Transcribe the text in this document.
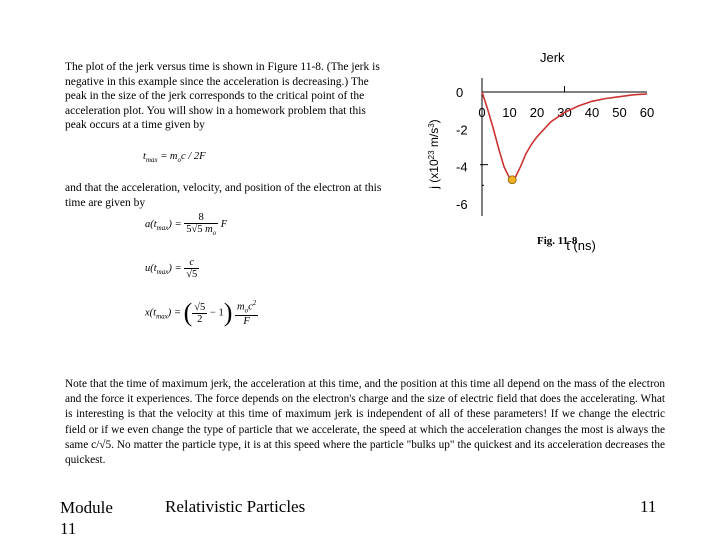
The plot of the jerk versus time is shown in Figure 11-8. (The jerk is negative in this example since the acceleration is decreasing.) The peak in the size of the jerk corresponds to the critical point of the acceleration plot. You will show in a homework problem that this peak occurs at a time given by
$t_{max} = m_oc / 2F$
and that the acceleration, velocity, and position of the electron at this time are given by
$a(t_{max}) = \frac{8}{5√5 m_o}$ F
$u(t_{max}) = \frac{c}{√5}$
$x(t_{max})$ = ( $\frac{√5}{2} - 1) \frac{m_oc^2}{F}$
Jerk
0 10 20 30 40 50 60
0
-2
-4
-6
t (ns)
j ($x10^{23}$ $m/s^3$)
Fig. 11-8
Note that the time of maximum jerk, the acceleration at this time, and the position at this time all depend on the mass of the electron and the force it experiences. The force depends on the electron's charge and the size of electric field that does the accelerating. What is interesting is that the velocity at this time of maximum jerk is independent of all of these parameters! If we change the electric field or if we even change the type of particle that we accelerate, the speed at which the acceleration changes the most is always the same c/√5. No matter the particle type, it is at this speed where the particle "bulks up" the quickest and its acceleration decreases the quickest.
Module 11
Relativistic Particles	11
